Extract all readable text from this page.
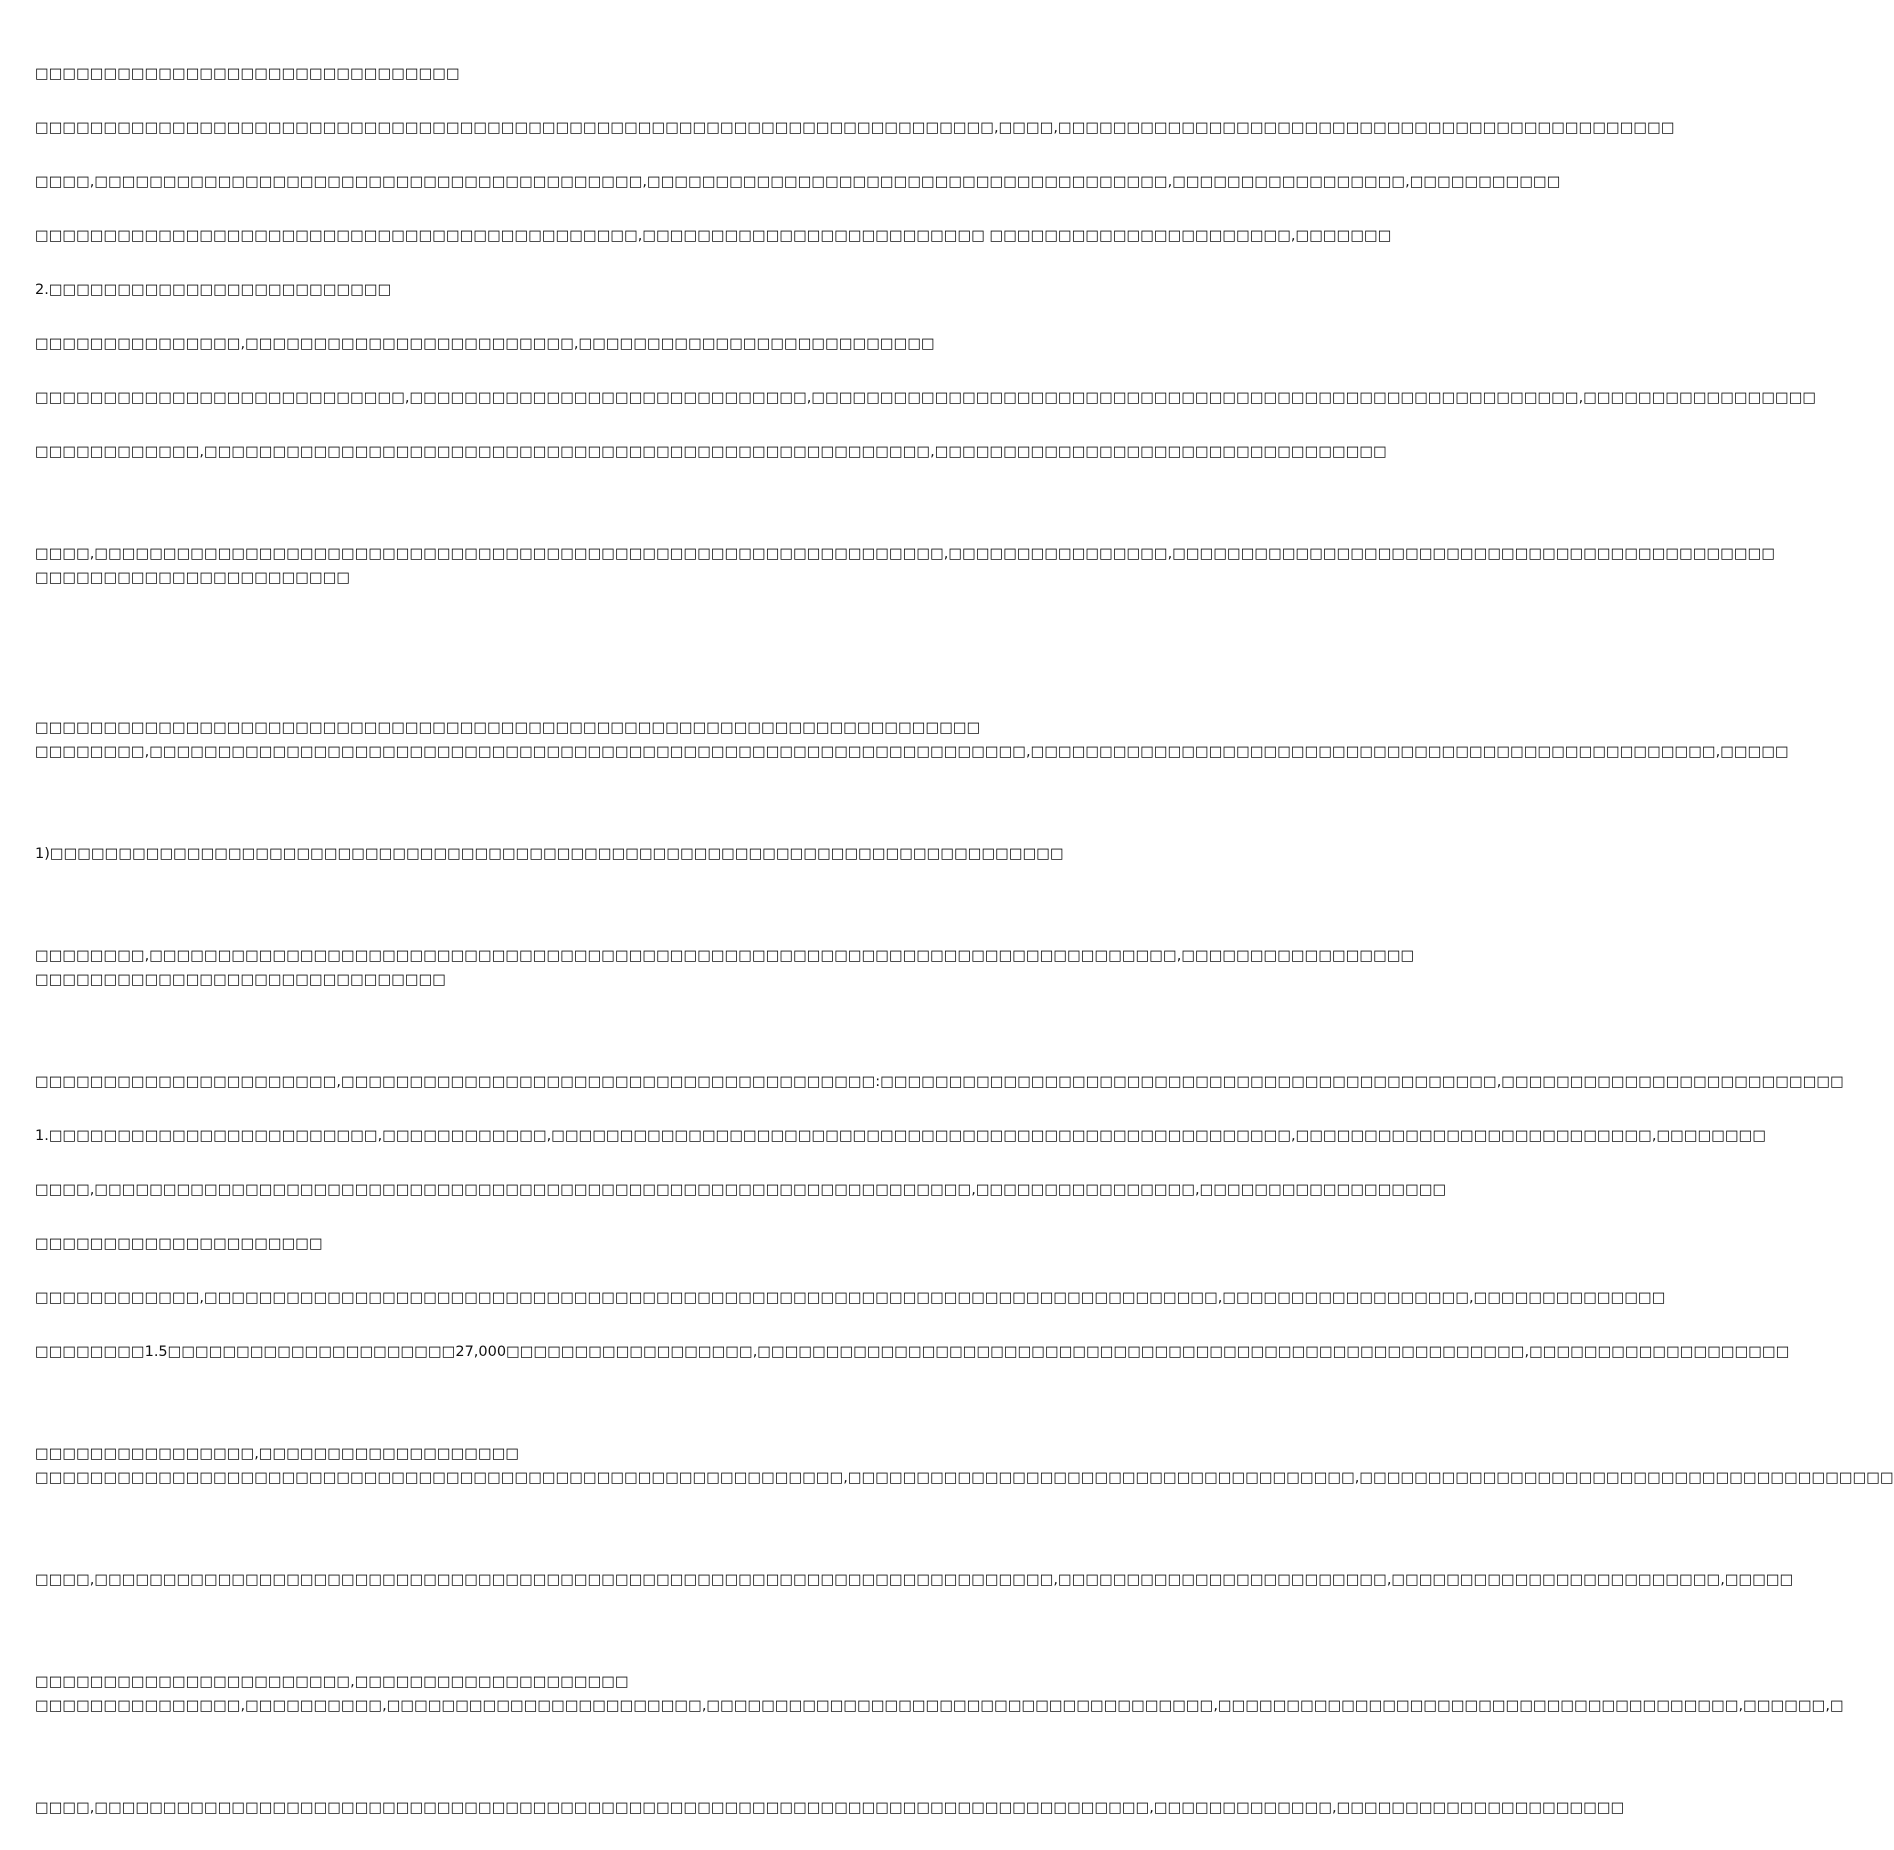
□□□□□□□□□□□□□□□□□□□□□□□□□□□□□□□

□□□□□□□□□□□□□□□□□□□□□□□□□□□□□□□□□□□□□□□□□□□□□□□□□□□□□□□□□□□□□□□□□□□□□□,□□□□,□□□□□□□□□□□□□□□□□□□□□□□□□□□□□□□□□□□□□□□□□□□□□

□□□□,□□□□□□□□□□□□□□□□□□□□□□□□□□□□□□□□□□□□□□□□,□□□□□□□□□□□□□□□□□□□□□□□□□□□□□□□□□□□□□□,□□□□□□□□□□□□□□□□□,□□□□□□□□□□□

□□□□□□□□□□□□□□□□□□□□□□□□□□□□□□□□□□□□□□□□□□□□,□□□□□□□□□□□□□□□□□□□□□□□□□ □□□□□□□□□□□□□□□□□□□□□□,□□□□□□□

2.□□□□□□□□□□□□□□□□□□□□□□□□□

□□□□□□□□□□□□□□□,□□□□□□□□□□□□□□□□□□□□□□□□,□□□□□□□□□□□□□□□□□□□□□□□□□□

□□□□□□□□□□□□□□□□□□□□□□□□□□□,□□□□□□□□□□□□□□□□□□□□□□□□□□□□□,□□□□□□□□□□□□□□□□□□□□□□□□□□□□□□□□□□□□□□□□□□□□□□□□□□□□□□□□,□□□□□□□□□□□□□□□□□

□□□□□□□□□□□□,□□□□□□□□□□□□□□□□□□□□□□□□□□□□□□□□□□□□□□□□□□□□□□□□□□□□□,□□□□□□□□□□□□□□□□□□□□□□□□□□□□□□□□□

□□□□,□□□□□□□□□□□□□□□□□□□□□□□□□□□□□□□□□□□□□□□□□□□□□□□□□□□□□□□□□□□□□□,□□□□□□□□□□□□□□□□,□□□□□□□□□□□□□□□□□□□□□□□□□□□□□□□□□□□□□□□□□□□□
□□□□□□□□□□□□□□□□□□□□□□□

□□□□□□□□□□□□□□□□□□□□□□□□□□□□□□□□□□□□□□□□□□□□□□□□□□□□□□□□□□□□□□□□□□□□□
□□□□□□□□,□□□□□□□□□□□□□□□□□□□□□□□□□□□□□□□□□□□□□□□□□□□□□□□□□□□□□□□□□□□□□□□□,□□□□□□□□□□□□□□□□□□□□□□□□□□□□□□□□□□□□□□□□□□□□□□□□□□,□□□□□

1)□□□□□□□□□□□□□□□□□□□□□□□□□□□□□□□□□□□□□□□□□□□□□□□□□□□□□□□□□□□□□□□□□□□□□□□□□□

□□□□□□□□,□□□□□□□□□□□□□□□□□□□□□□□□□□□□□□□□□□□□□□□□□□□□□□□□□□□□□□□□□□□□□□□□□□□□□□□□□□□,□□□□□□□□□□□□□□□□□
□□□□□□□□□□□□□□□□□□□□□□□□□□□□□□

□□□□□□□□□□□□□□□□□□□□□□,□□□□□□□□□□□□□□□□□□□□□□□□□□□□□□□□□□□□□□□:□□□□□□□□□□□□□□□□□□□□□□□□□□□□□□□□□□□□□□□□□□□□□,□□□□□□□□□□□□□□□□□□□□□□□□□

1.□□□□□□□□□□□□□□□□□□□□□□□□,□□□□□□□□□□□□,□□□□□□□□□□□□□□□□□□□□□□□□□□□□□□□□□□□□□□□□□□□□□□□□□□□□□□,□□□□□□□□□□□□□□□□□□□□□□□□□□,□□□□□□□□

□□□□,□□□□□□□□□□□□□□□□□□□□□□□□□□□□□□□□□□□□□□□□□□□□□□□□□□□□□□□□□□□□□□□□,□□□□□□□□□□□□□□□□,□□□□□□□□□□□□□□□□□□

□□□□□□□□□□□□□□□□□□□□□

□□□□□□□□□□□□,□□□□□□□□□□□□□□□□□□□□□□□□□□□□□□□□□□□□□□□□□□□□□□□□□□□□□□□□□□□□□□□□□□□□□□□□□□,□□□□□□□□□□□□□□□□□□,□□□□□□□□□□□□□□

□□□□□□□□1.5□□□□□□□□□□□□□□□□□□□□□27,000□□□□□□□□□□□□□□□□□□,□□□□□□□□□□□□□□□□□□□□□□□□□□□□□□□□□□□□□□□□□□□□□□□□□□□□□□□□,□□□□□□□□□□□□□□□□□□□

□□□□□□□□□□□□□□□□,□□□□□□□□□□□□□□□□□□□
□□□□□□□□□□□□□□□□□□□□□□□□□□□□□□□□□□□□□□□□□□□□□□□□□□□□□□□□□□□,□□□□□□□□□□□□□□□□□□□□□□□□□□□□□□□□□□□□□,□□□□□□□□□□□□□□□□□□□□□□□□□□□□□□□□□□□□□□□

□□□□,□□□□□□□□□□□□□□□□□□□□□□□□□□□□□□□□□□□□□□□□□□□□□□□□□□□□□□□□□□□□□□□□□□□□□□,□□□□□□□□□□□□□□□□□□□□□□□□,□□□□□□□□□□□□□□□□□□□□□□□□,□□□□□

□□□□□□□□□□□□□□□□□□□□□□□,□□□□□□□□□□□□□□□□□□□□
□□□□□□□□□□□□□□□,□□□□□□□□□□,□□□□□□□□□□□□□□□□□□□□□□□,□□□□□□□□□□□□□□□□□□□□□□□□□□□□□□□□□□□□□,□□□□□□□□□□□□□□□□□□□□□□□□□□□□□□□□□□□□□□,□□□□□□,□

□□□□,□□□□□□□□□□□□□□□□□□□□□□□□□□□□□□□□□□□□□□□□□□□□□□□□□□□□□□□□□□□□□□□□□□□□□□□□□□□□□,□□□□□□□□□□□□□,□□□□□□□□□□□□□□□□□□□□□
